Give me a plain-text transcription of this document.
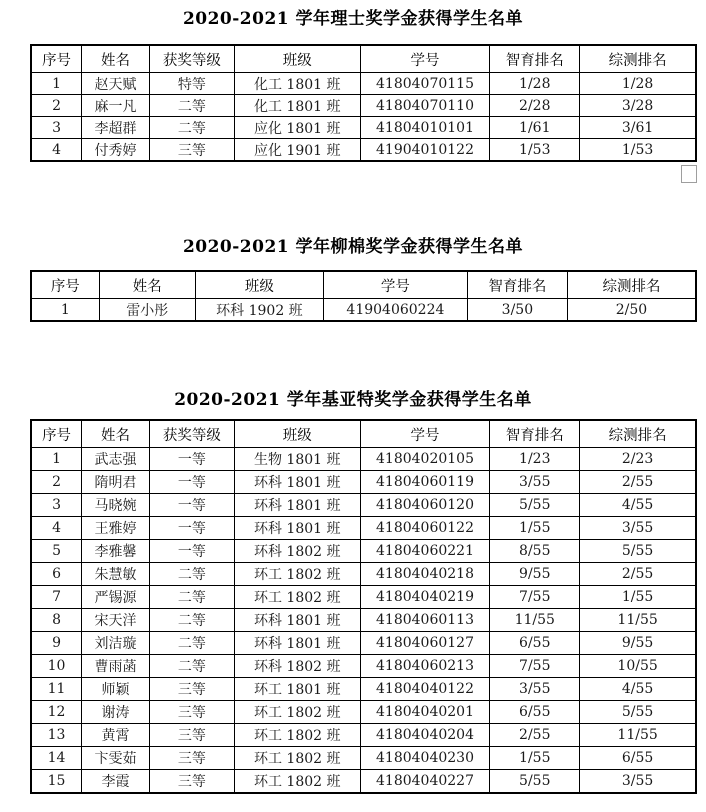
2020-2021 学年理士奖学金获得学生名单
序号	姓名	获奖等级	班级	学号	智育排名	综测排名
1	赵天赋	特等	化工 1801 班	41804070115	1/28	1/28
2	麻一凡	二等	化工 1801 班	41804070110	2/28	3/28
3	李超群	二等	应化 1801 班	41804010101	1/61	3/61
4	付秀婷	三等	应化 1901 班	41904010122	1/53	1/53
2020-2021 学年柳棉奖学金获得学生名单
序号	姓名	班级	学号	智育排名	综测排名
1	雷小彤	环科 1902 班	41904060224	3/50	2/50
2020-2021 学年基亚特奖学金获得学生名单
序号	姓名	获奖等级	班级	学号	智育排名	综测排名
1	武志强	一等	生物 1801 班	41804020105	1/23	2/23
2	隋明君	一等	环科 1801 班	41804060119	3/55	2/55
3	马晓婉	一等	环科 1801 班	41804060120	5/55	4/55
4	王雅婷	一等	环科 1801 班	41804060122	1/55	3/55
5	李雅馨	一等	环科 1802 班	41804060221	8/55	5/55
6	朱慧敏	二等	环工 1802 班	41804040218	9/55	2/55
7	严锡源	二等	环工 1802 班	41804040219	7/55	1/55
8	宋天洋	二等	环科 1801 班	41804060113	11/55	11/55
9	刘洁璇	二等	环科 1801 班	41804060127	6/55	9/55
10	曹雨菡	二等	环科 1802 班	41804060213	7/55	10/55
11	师颖	三等	环工 1801 班	41804040122	3/55	4/55
12	谢涛	三等	环工 1802 班	41804040201	6/55	5/55
13	黄霄	三等	环工 1802 班	41804040204	2/55	11/55
14	卞雯茹	三等	环工 1802 班	41804040230	1/55	6/55
15	李霞	三等	环工 1802 班	41804040227	5/55	3/55
